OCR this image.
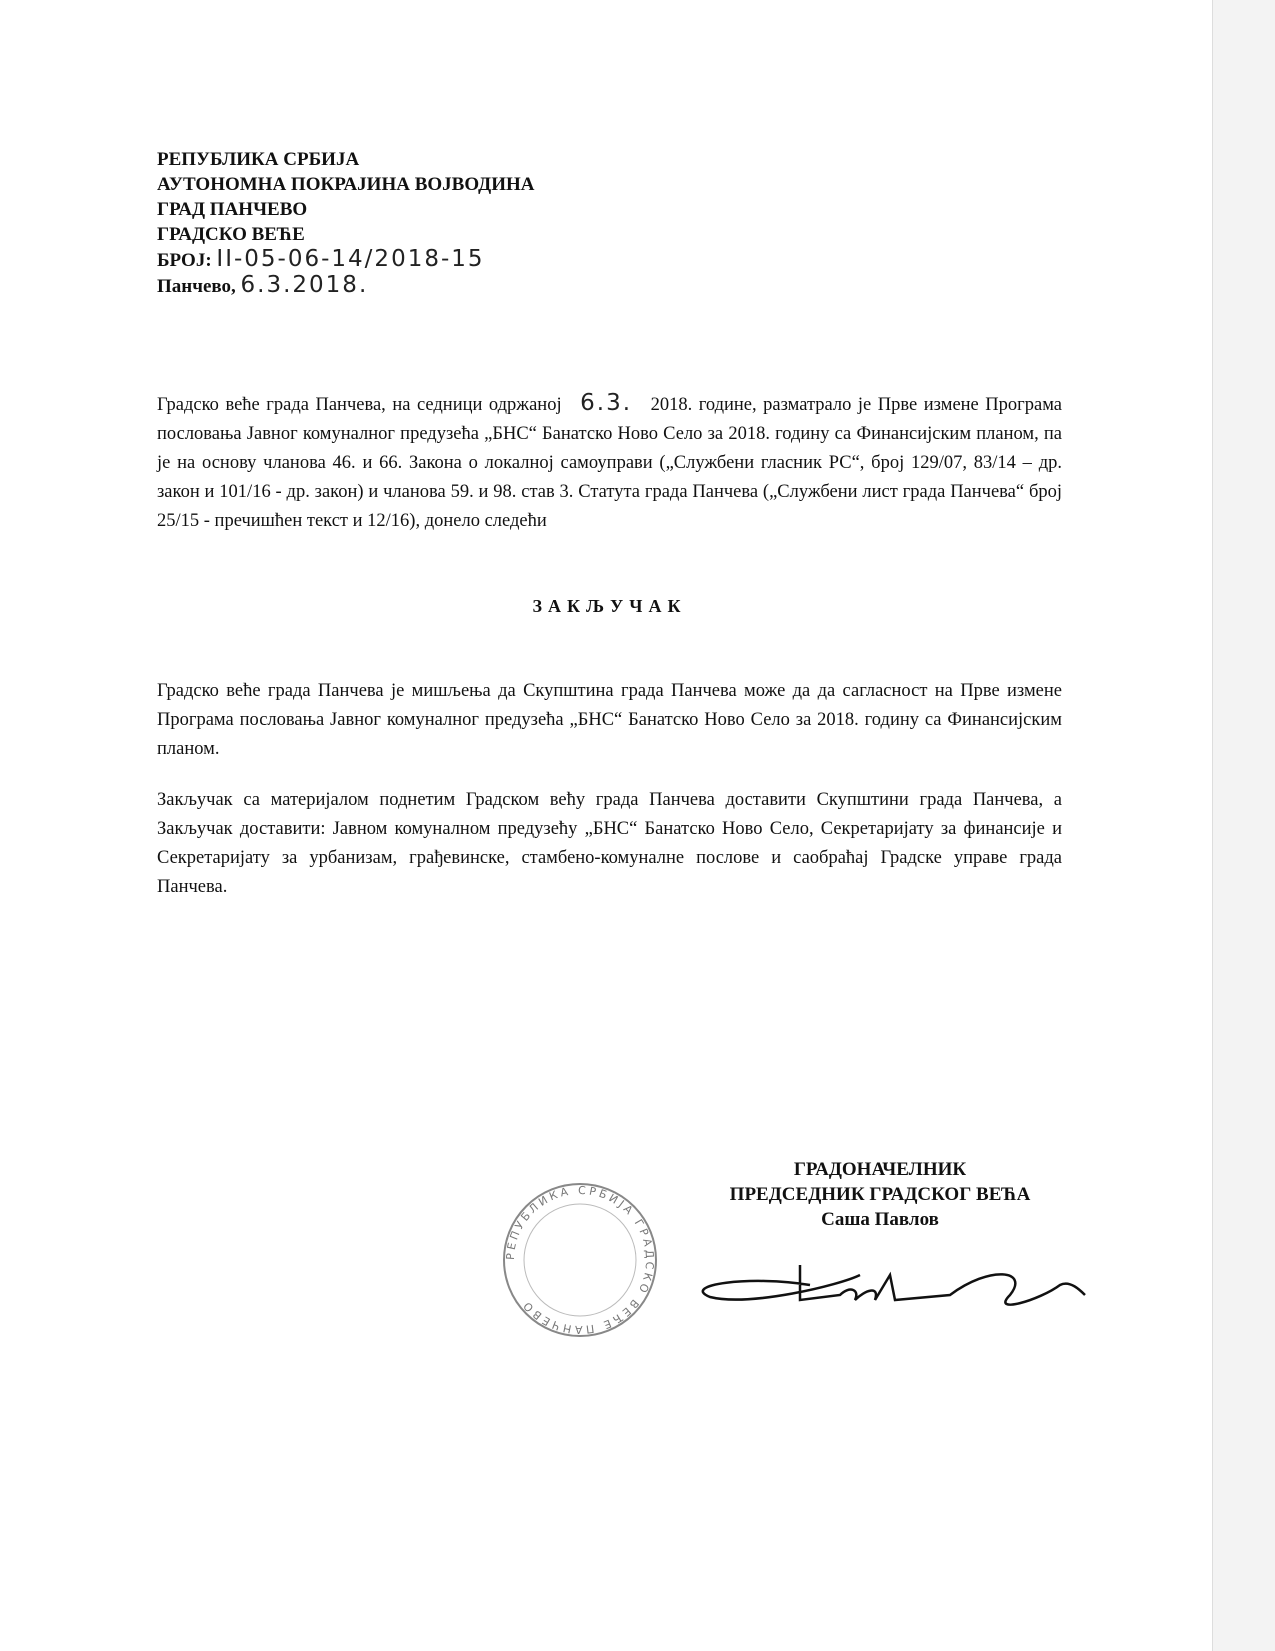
РЕПУБЛИКА СРБИЈА
АУТОНОМНА ПОКРАЈИНА ВОЈВОДИНА
ГРАД ПАНЧЕВО
ГРАДСКО ВЕЋЕ
БРОЈ: II-05-06-14/2018-15
Панчево, 6.3.2018.

Градско веће града Панчева, на седници одржаној 6.3. 2018. године, разматрало је Прве измене Програма пословања Јавног комуналног предузећа „БНС“ Банатско Ново Село за 2018. годину са Финансијским планом, па је на основу чланова 46. и 66. Закона о локалној самоуправи („Службени гласник РС“, број 129/07, 83/14 – др. закон и 101/16 - др. закон) и чланова 59. и 98. став 3. Статута града Панчева („Службени лист града Панчева“ број 25/15 - пречишћен текст и 12/16), донело следећи

ЗАКЉУЧАК

Градско веће града Панчева је мишљења да Скупштина града Панчева може да да сагласност на Прве измене Програма пословања Јавног комуналног предузећа „БНС“ Банатско Ново Село за 2018. годину са Финансијским планом.

Закључак са материјалом поднетим Градском већу града Панчева доставити Скупштини града Панчева, а Закључак доставити: Јавном комуналном предузећу „БНС“ Банатско Ново Село, Секретаријату за финансије и Секретаријату за урбанизам, грађевинске, стамбено-комуналне послове и саобраћај Градске управе града Панчева.

РЕПУБЛИКА СРБИЈА ГРАДСКО ВЕЋЕ ПАНЧЕВО
ГРАДОНАЧЕЛНИК
ПРЕДСЕДНИК ГРАДСКОГ ВЕЋА
Саша Павлов
